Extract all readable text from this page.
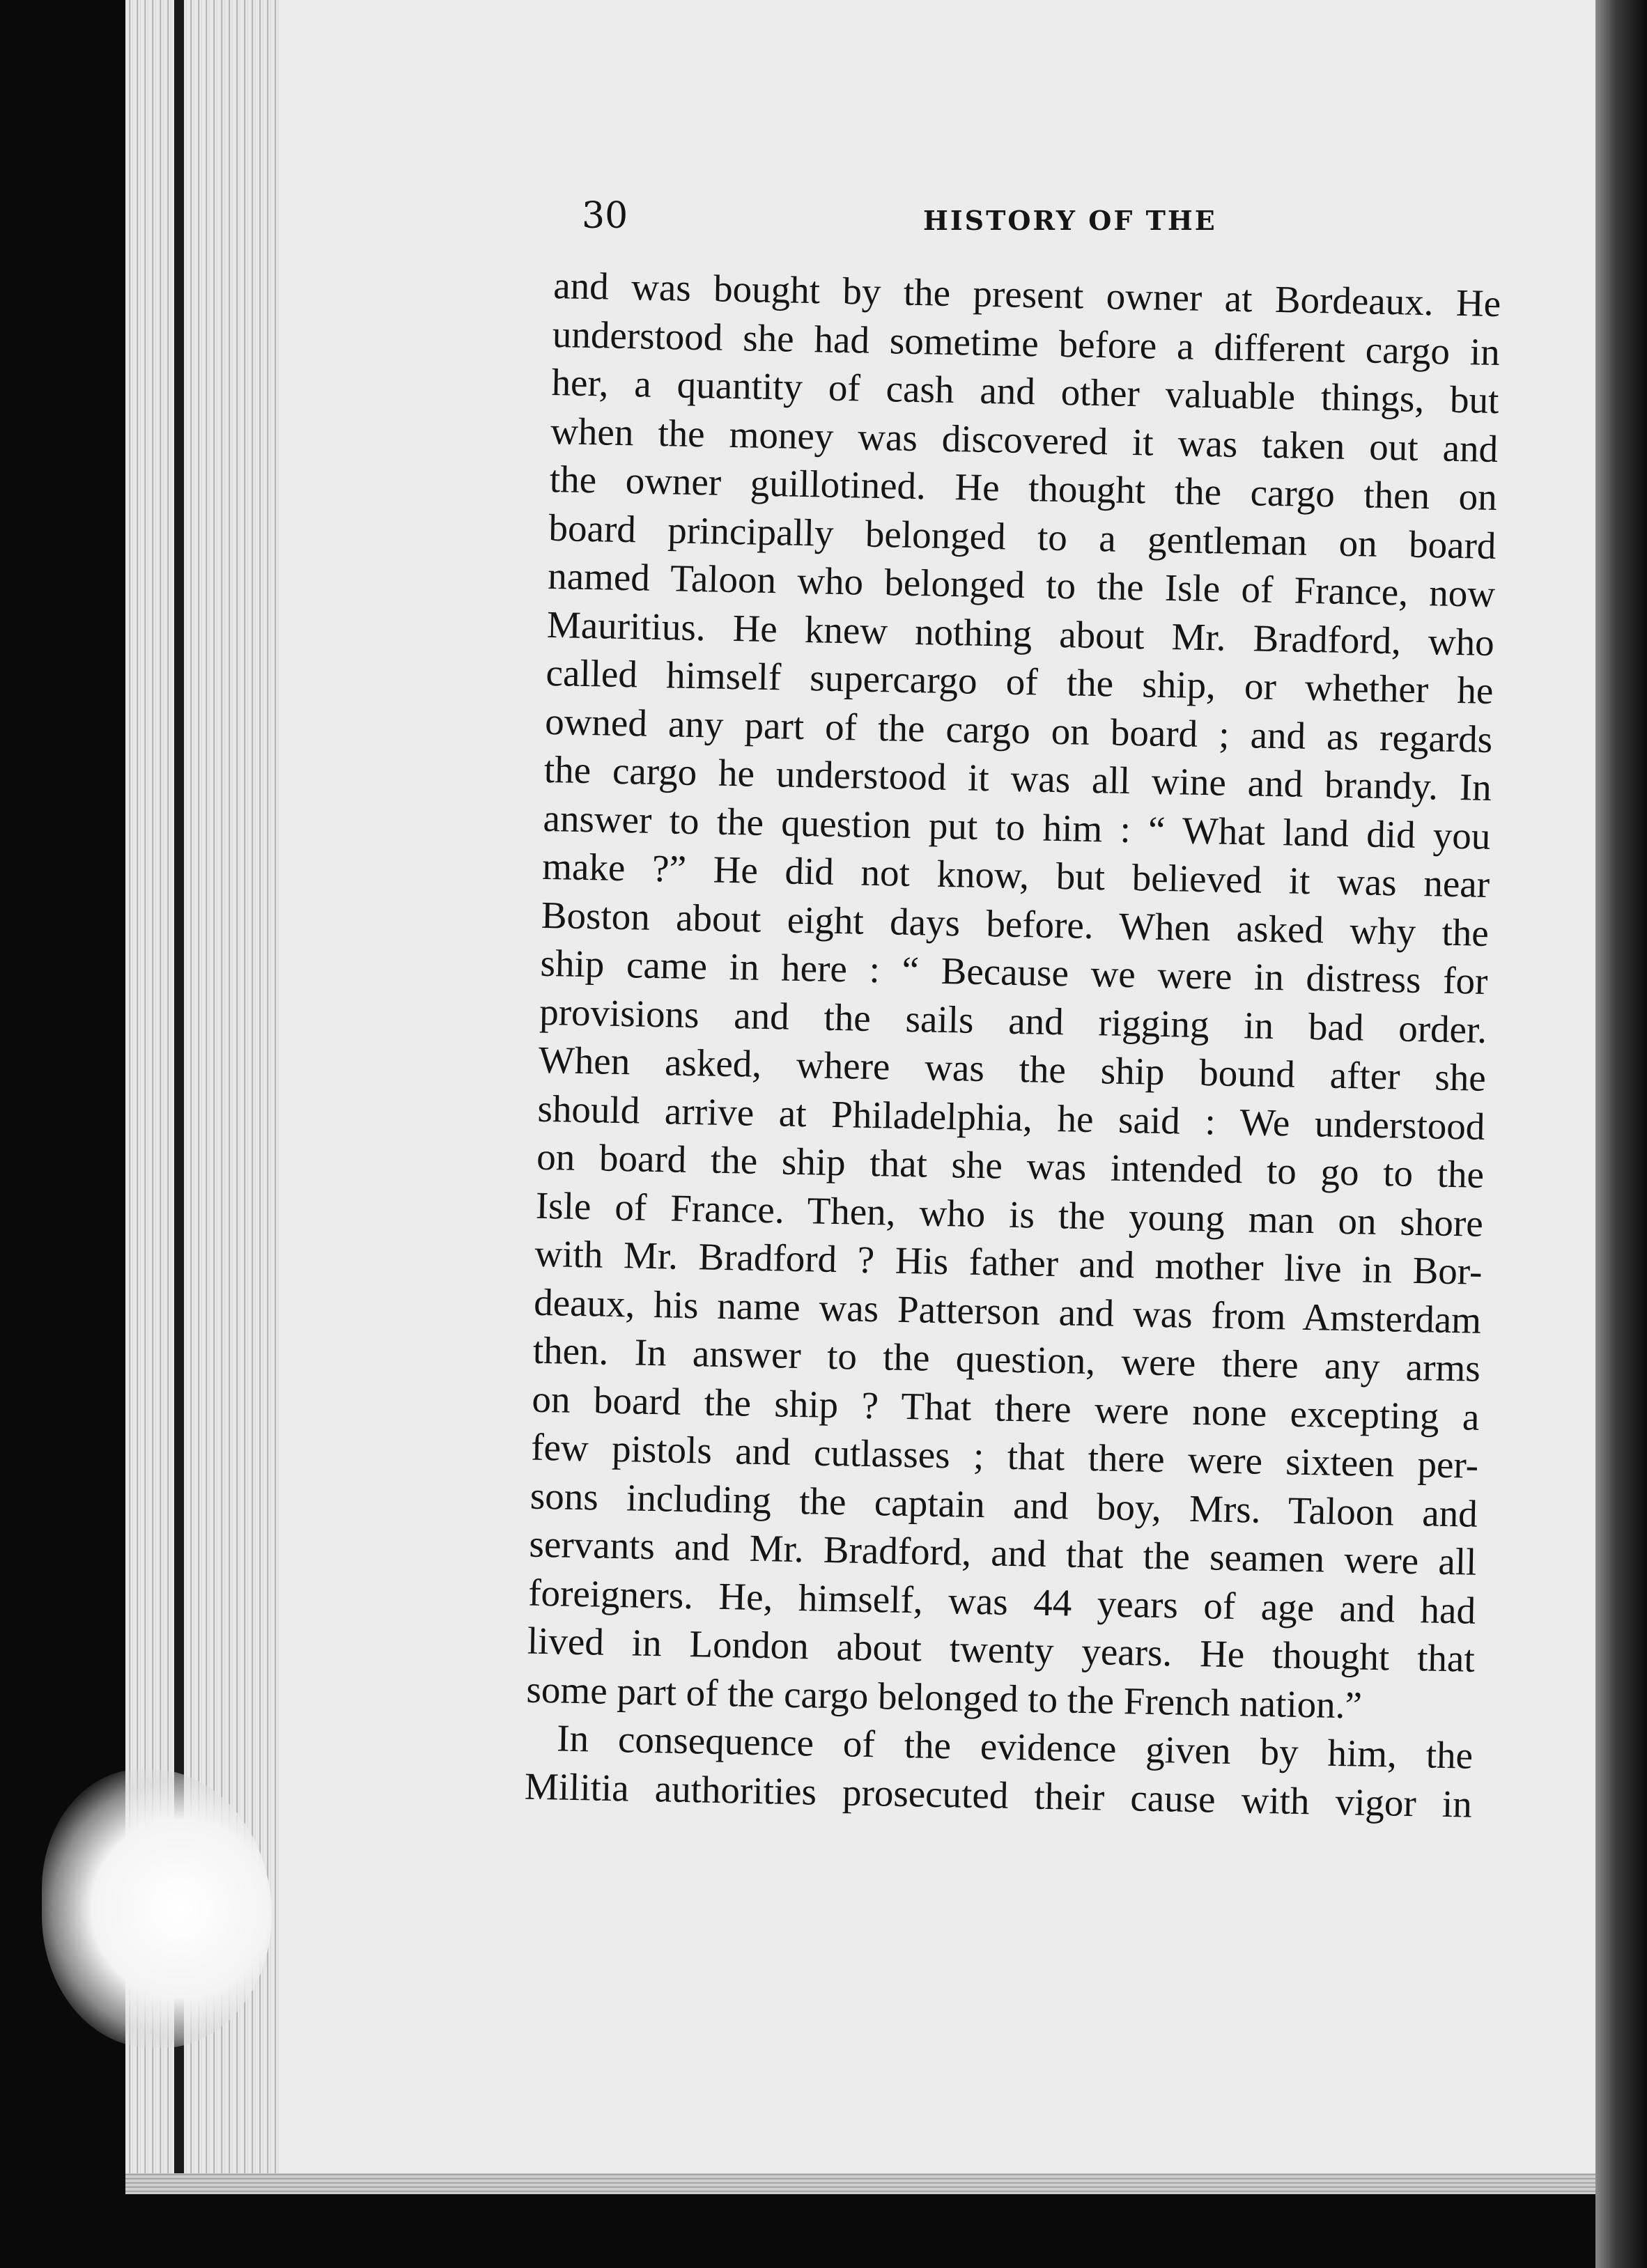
30	HISTORY OF THE
and was bought by the present owner at Bordeaux. He
understood she had sometime before a different cargo in
her, a quantity of cash and other valuable things, but
when the money was discovered it was taken out and
the owner guillotined. He thought the cargo then on
board principally belonged to a gentleman on board
named Taloon who belonged to the Isle of France, now
Mauritius. He knew nothing about Mr. Bradford, who
called himself supercargo of the ship, or whether he
owned any part of the cargo on board ; and as regards
the cargo he understood it was all wine and brandy. In
answer to the question put to him : “ What land did you
make ?” He did not know, but believed it was near
Boston about eight days before. When asked why the
ship came in here : “ Because we were in distress for
provisions and the sails and rigging in bad order.
When asked, where was the ship bound after she
should arrive at Philadelphia, he said : We understood
on board the ship that she was intended to go to the
Isle of France. Then, who is the young man on shore
with Mr. Bradford ? His father and mother live in Bor-
deaux, his name was Patterson and was from Amsterdam
then. In answer to the question, were there any arms
on board the ship ? That there were none excepting a
few pistols and cutlasses ; that there were sixteen per-
sons including the captain and boy, Mrs. Taloon and
servants and Mr. Bradford, and that the seamen were all
foreigners. He, himself, was 44 years of age and had
lived in London about twenty years. He thought that
some part of the cargo belonged to the French nation.”
In consequence of the evidence given by him, the
Militia authorities prosecuted their cause with vigor in
